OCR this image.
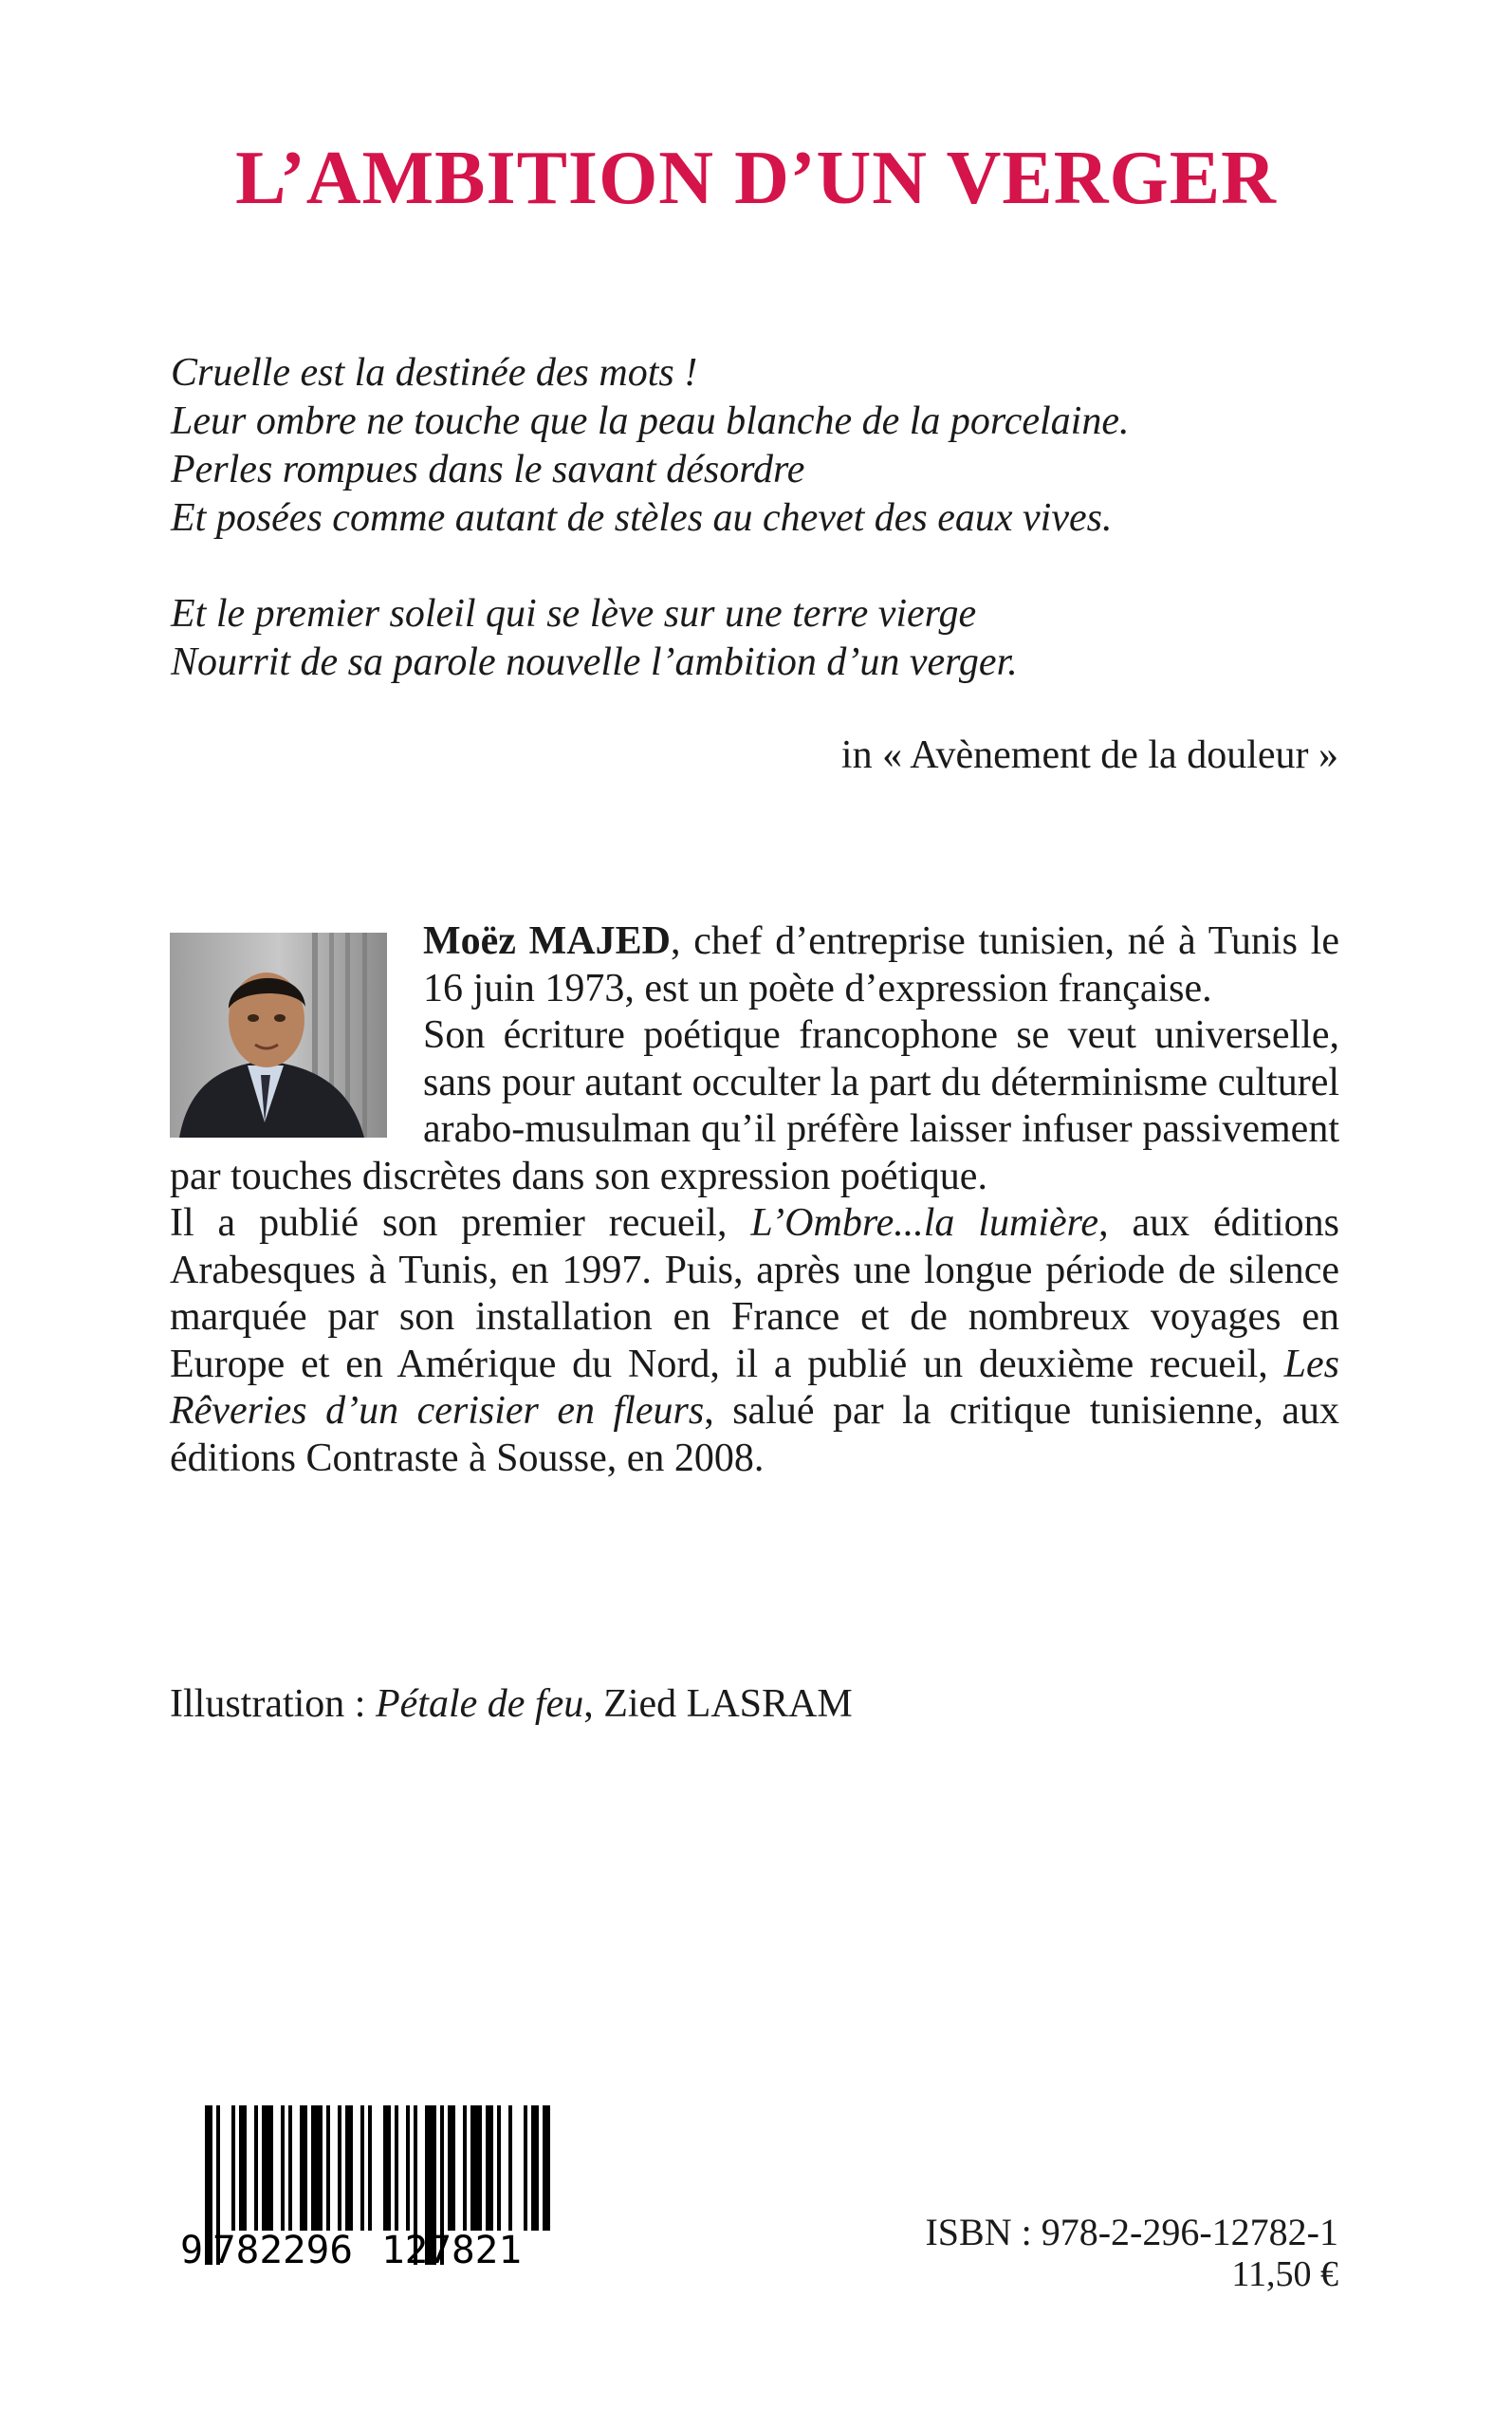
L’AMBITION D’UN VERGER
Cruelle est la destinée des mots !
Leur ombre ne touche que la peau blanche de la porcelaine.
Perles rompues dans le savant désordre
Et posées comme autant de stèles au chevet des eaux vives.
Et le premier soleil qui se lève sur une terre vierge
Nourrit de sa parole nouvelle l’ambition d’un verger.
in « Avènement de la douleur »

Moëz MAJED, chef d’entreprise tunisien, né à Tunis le 16 juin 1973, est un poète d’expression française.

Son écriture poétique francophone se veut universelle, sans pour autant occulter la part du déterminisme culturel arabo-musulman qu’il préfère laisser infuser passivement par touches discrètes dans son expression poétique.

Il a publié son premier recueil, L’Ombre...la lumière, aux éditions Arabesques à Tunis, en 1997. Puis, après une longue période de silence marquée par son installation en France et de nombreux voyages en Europe et en Amérique du Nord, il a publié un deuxième recueil, Les Rêveries d’un cerisier en fleurs, salué par la critique tunisienne, aux éditions Contraste à Sousse, en 2008.

Illustration : Pétale de feu, Zied LASRAM
9 782296 127821	ISBN : 978-2-296-12782-1
11,50 €
